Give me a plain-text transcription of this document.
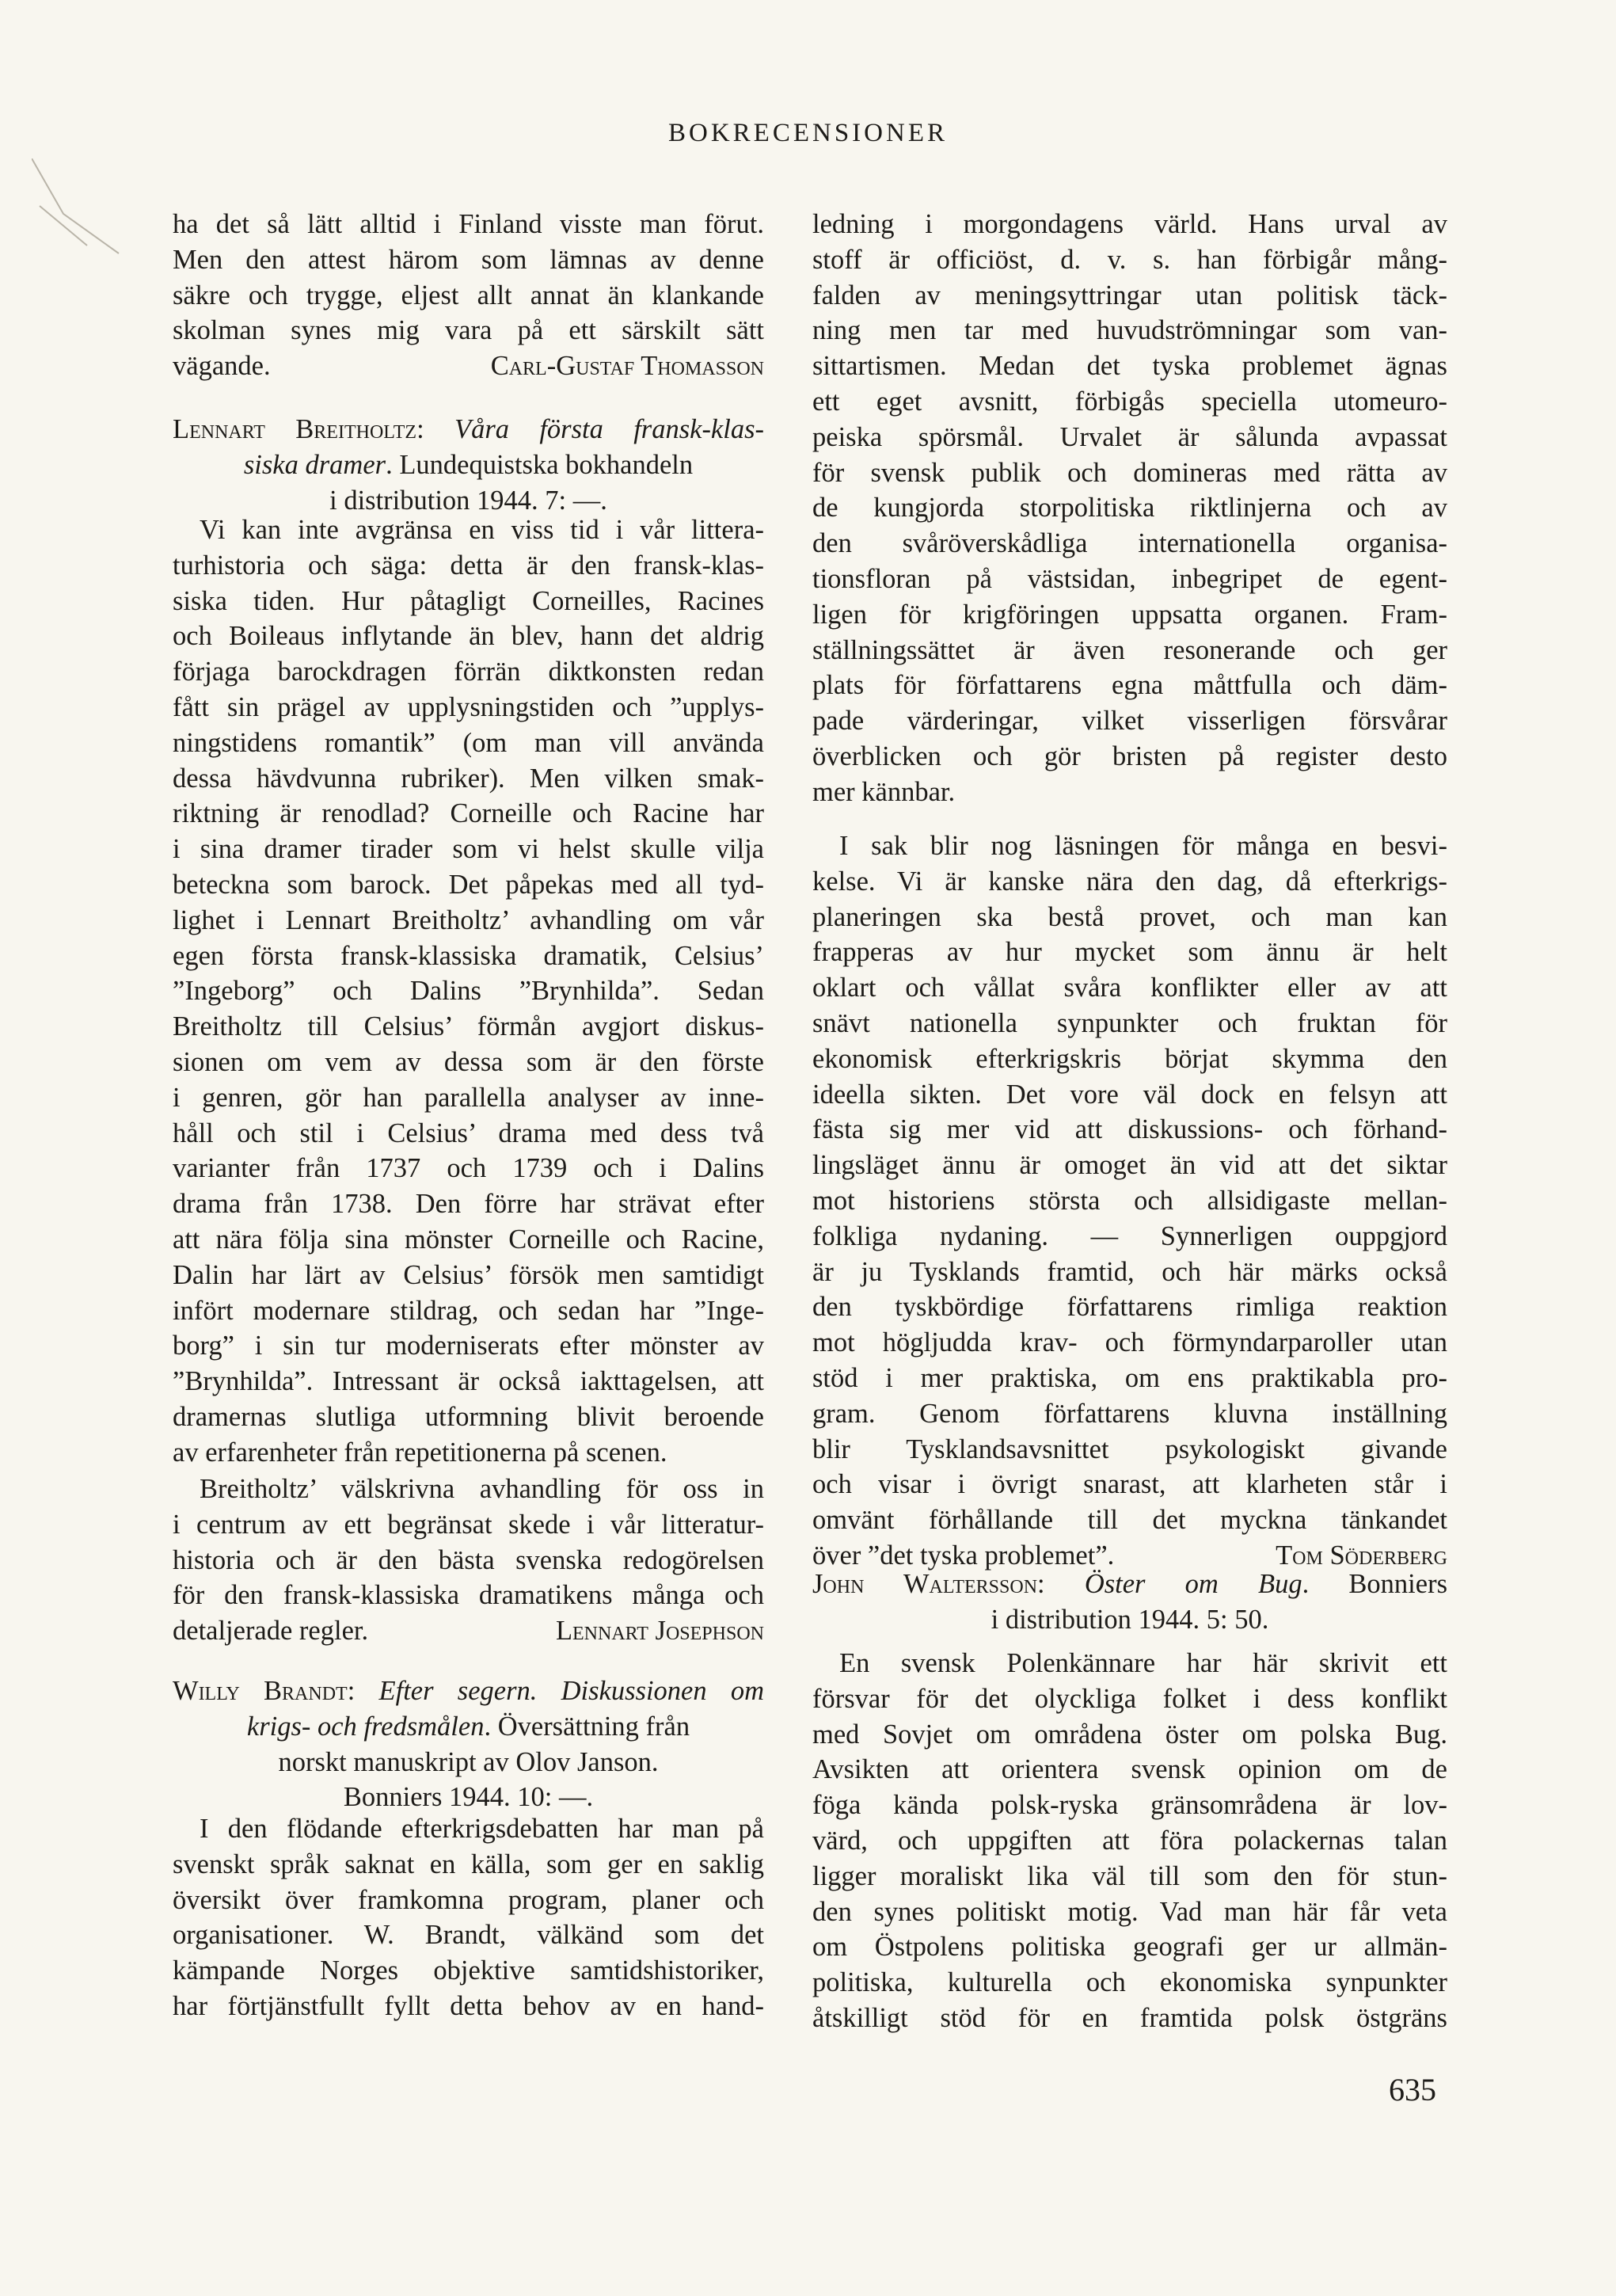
BOKRECENSIONER
ha det så lätt alltid i Finland visste man förut.
Men den attest härom som lämnas av denne
säkre och trygge, eljest allt annat än klankande
skolman synes mig vara på ett särskilt sätt
vägande.	Carl-Gustaf Thomasson
Lennart Breitholtz: Våra första fransk-klas-
siska dramer. Lundequistska bokhandeln
i distribution 1944. 7: —.
Vi kan inte avgränsa en viss tid i vår littera-
turhistoria och säga: detta är den fransk-klas-
siska tiden. Hur påtagligt Corneilles, Racines
och Boileaus inflytande än blev, hann det aldrig
förjaga barockdragen förrän diktkonsten redan
fått sin prägel av upplysningstiden och ”upplys-
ningstidens romantik” (om man vill använda
dessa hävdvunna rubriker). Men vilken smak-
riktning är renodlad? Corneille och Racine har
i sina dramer tirader som vi helst skulle vilja
beteckna som barock. Det påpekas med all tyd-
lighet i Lennart Breitholtz’ avhandling om vår
egen första fransk-klassiska dramatik, Celsius’
”Ingeborg” och Dalins ”Brynhilda”. Sedan
Breitholtz till Celsius’ förmån avgjort diskus-
sionen om vem av dessa som är den förste
i genren, gör han parallella analyser av inne-
håll och stil i Celsius’ drama med dess två
varianter från 1737 och 1739 och i Dalins
drama från 1738. Den förre har strävat efter
att nära följa sina mönster Corneille och Racine,
Dalin har lärt av Celsius’ försök men samtidigt
infört modernare stildrag, och sedan har ”Inge-
borg” i sin tur moderniserats efter mönster av
”Brynhilda”. Intressant är också iakttagelsen, att
dramernas slutliga utformning blivit beroende
av erfarenheter från repetitionerna på scenen.
Breitholtz’ välskrivna avhandling för oss in
i centrum av ett begränsat skede i vår litteratur-
historia och är den bästa svenska redogörelsen
för den fransk-klassiska dramatikens många och
detaljerade regler.	Lennart Josephson
Willy Brandt: Efter segern. Diskussionen om
krigs- och fredsmålen. Översättning från
norskt manuskript av Olov Janson.
Bonniers 1944. 10: —.
I den flödande efterkrigsdebatten har man på
svenskt språk saknat en källa, som ger en saklig
översikt över framkomna program, planer och
organisationer. W. Brandt, välkänd som det
kämpande Norges objektive samtidshistoriker,
har förtjänstfullt fyllt detta behov av en hand-
ledning i morgondagens värld. Hans urval av
stoff är officiöst, d. v. s. han förbigår mång-
falden av meningsyttringar utan politisk täck-
ning men tar med huvudströmningar som van-
sittartismen. Medan det tyska problemet ägnas
ett eget avsnitt, förbigås speciella utomeuro-
peiska spörsmål. Urvalet är sålunda avpassat
för svensk publik och domineras med rätta av
de kungjorda storpolitiska riktlinjerna och av
den svåröverskådliga internationella organisa-
tionsfloran på västsidan, inbegripet de egent-
ligen för krigföringen uppsatta organen. Fram-
ställningssättet är även resonerande och ger
plats för författarens egna måttfulla och däm-
pade värderingar, vilket visserligen försvårar
överblicken och gör bristen på register desto
mer kännbar.
I sak blir nog läsningen för många en besvi-
kelse. Vi är kanske nära den dag, då efterkrigs-
planeringen ska bestå provet, och man kan
frapperas av hur mycket som ännu är helt
oklart och vållat svåra konflikter eller av att
snävt nationella synpunkter och fruktan för
ekonomisk efterkrigskris börjat skymma den
ideella sikten. Det vore väl dock en felsyn att
fästa sig mer vid att diskussions- och förhand-
lingsläget ännu är omoget än vid att det siktar
mot historiens största och allsidigaste mellan-
folkliga nydaning. — Synnerligen ouppgjord
är ju Tysklands framtid, och här märks också
den tyskbördige författarens rimliga reaktion
mot högljudda krav- och förmyndarparoller utan
stöd i mer praktiska, om ens praktikabla pro-
gram. Genom författarens kluvna inställning
blir Tysklandsavsnittet psykologiskt givande
och visar i övrigt snarast, att klarheten står i
omvänt förhållande till det myckna tänkandet
över ”det tyska problemet”.	Tom Söderberg
John Waltersson: Öster om Bug. Bonniers
i distribution 1944. 5: 50.
En svensk Polenkännare har här skrivit ett
försvar för det olyckliga folket i dess konflikt
med Sovjet om områdena öster om polska Bug.
Avsikten att orientera svensk opinion om de
föga kända polsk-ryska gränsområdena är lov-
värd, och uppgiften att föra polackernas talan
ligger moraliskt lika väl till som den för stun-
den synes politiskt motig. Vad man här får veta
om Östpolens politiska geografi ger ur allmän-
politiska, kulturella och ekonomiska synpunkter
åtskilligt stöd för en framtida polsk östgräns
635
